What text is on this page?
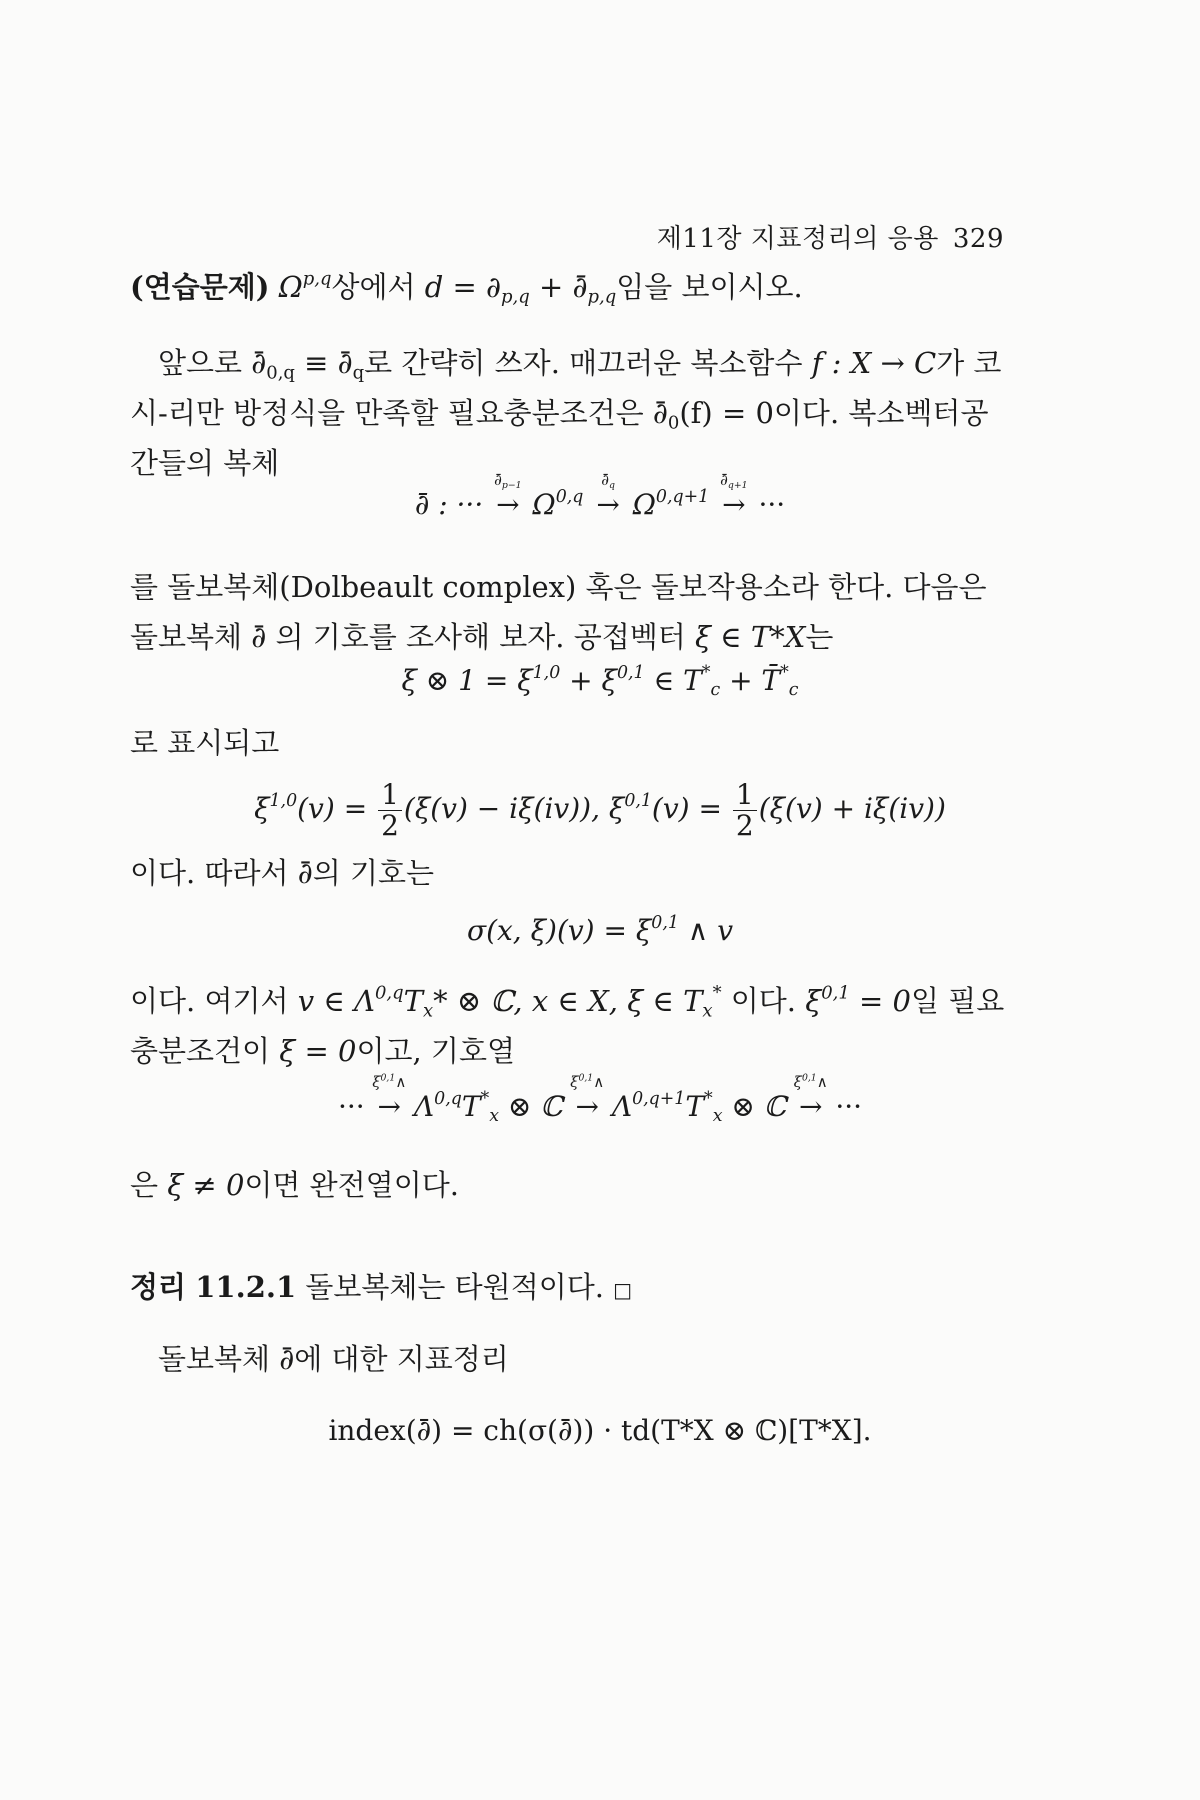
제11장 지표정리의 응용 329
(연습문제) Ω$^{p,q}$상에서 $d = \partial_{p,q}$ + $\partial̄_{p,q}$임을 보이시오.
앞으로 $\partial̄_{0,q}$ ≡ $\partial̄_q$로 간략히 쓰자. 매끄러운 복소함수 f : X → C가 코시-리만 방정식을 만족할 필요충분조건은 $\partial̄_0(f) = 0$이다. 복소벡터공간들의 복체
∂̄ : ···
$\partial̄_{p-1}$
→ Ω$^{0,q}$
$\partial̄_q$
→ $\Omega^{0,q+1}$
$\partial̄_{q+1}$
→ ···
를 돌보복체(Dolbeault complex) 혹은 돌보작용소라 한다. 다음은 돌보복체 ∂̄ 의 기호를 조사해 보자. 공접벡터 ξ ∈ T*X는
ξ ⊗ $1 = \xi^{1,0} + \xi^{0,1}$ ∈ $T^*_c$ + $T̄^*_c$
로 표시되고
$\xi^{1,0}(v) = \frac{1}{2} (\xi(v) - i\xi(iv))$, $\xi^{0,1}(v) = \frac{1}{2} (\xi(v) + i\xi(iv))$
이다. 따라서 ∂̄의 기호는
σ(x, $\xi)(v) = \xi^{0,1}$ ∧ v
이다. 여기서 v ∈ $\Lambda^{0,q}T_x*$ ⊗ ℂ, x ∈ X, ξ ∈ $T_x^*$ 이다. $\xi^{0,1} = 0$일 필요충분조건이 ξ = 0이고, 기호열
···
$\xi^{0,1}\wedge$
→ $\Lambda^{0,q}T^*_x$ ⊗ ℂ
$\xi^{0,1}\wedge$
→ $\Lambda^{0,q+1}T^*_x$ ⊗ ℂ
$\xi^{0,1}\wedge$
→ ···
은 ξ ≠ 0이면 완전열이다.
정리 11.2.1 돌보복체는 타원적이다. □
돌보복체 ∂̄에 대한 지표정리
index(∂̄) = ch(σ(∂̄)) · td(T*X ⊗ ℂ)[T*X].
